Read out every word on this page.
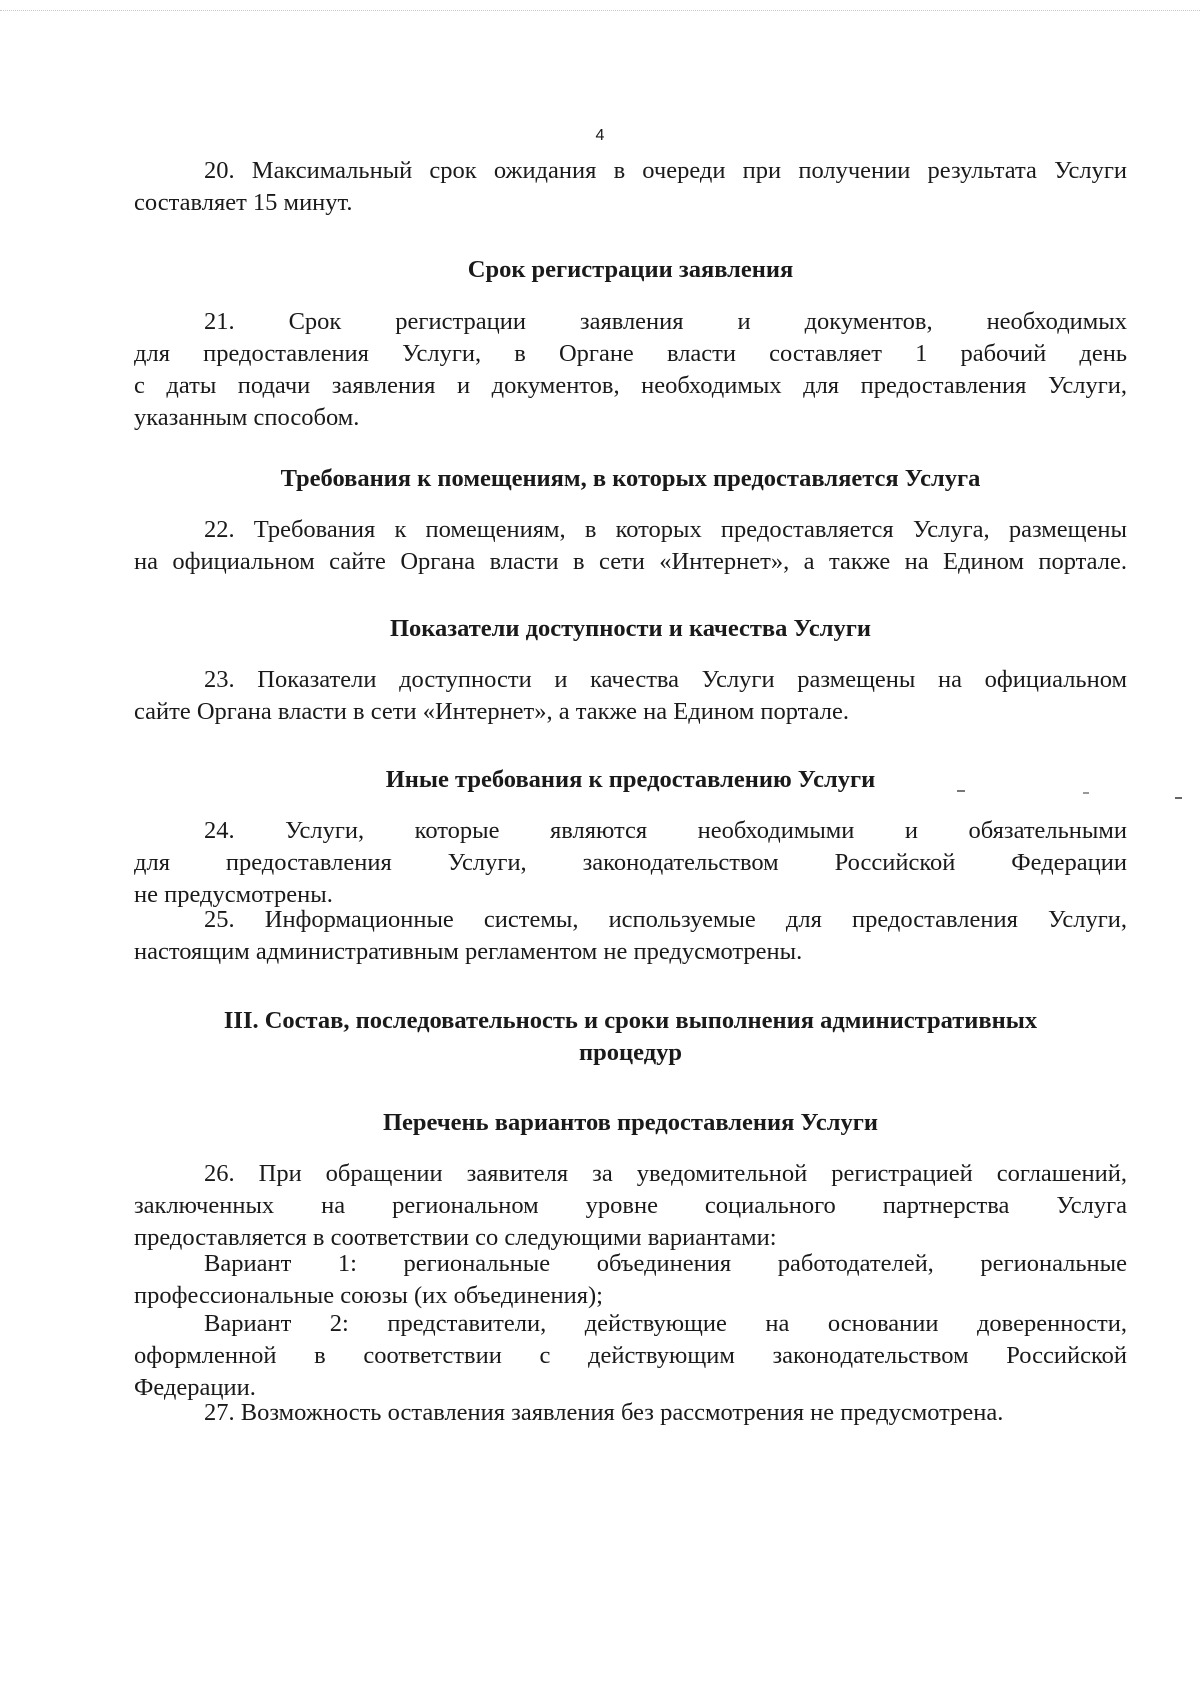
4
20. Максимальный срок ожидания в очереди при получении результата Услуги
составляет 15 минут.
Срок регистрации заявления
21. Срок регистрации заявления и документов, необходимых
для предоставления Услуги, в Органе власти составляет 1 рабочий день
с даты подачи заявления и документов, необходимых для предоставления Услуги,
указанным способом.
Требования к помещениям, в которых предоставляется Услуга
22. Требования к помещениям, в которых предоставляется Услуга, размещены
на официальном сайте Органа власти в сети «Интернет», а также на Едином портале.
Показатели доступности и качества Услуги
23. Показатели доступности и качества Услуги размещены на официальном
сайте Органа власти в сети «Интернет», а также на Едином портале.
Иные требования к предоставлению Услуги
24. Услуги, которые являются необходимыми и обязательными
для предоставления Услуги, законодательством Российской Федерации
не предусмотрены.
25. Информационные системы, используемые для предоставления Услуги,
настоящим административным регламентом не предусмотрены.
III. Состав, последовательность и сроки выполнения административных
процедур
Перечень вариантов предоставления Услуги
26. При обращении заявителя за уведомительной регистрацией соглашений,
заключенных на региональном уровне социального партнерства Услуга
предоставляется в соответствии со следующими вариантами:
Вариант 1: региональные объединения работодателей, региональные
профессиональные союзы (их объединения);
Вариант 2: представители, действующие на основании доверенности,
оформленной в соответствии с действующим законодательством Российской
Федерации.
27. Возможность оставления заявления без рассмотрения не предусмотрена.
